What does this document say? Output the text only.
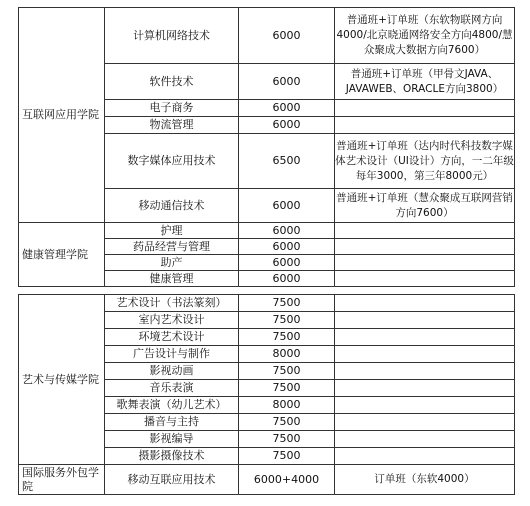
互联网应用学院	计算机网络技术	6000	普通班+订单班（东软物联网方向4000/北京晓通网络安全方向4800/慧众聚成大数据方向7600）
	软件技术	6000	普通班+订单班（甲骨文JAVA、JAVAWEB、ORACLE方向3800）
	电子商务	6000	
	物流管理	6000	
	数字媒体应用技术	6500	普通班+订单班（达内时代科技数字媒体艺术设计（UI设计）方向，一二年级每年3000，第三年8000元）
	移动通信技术	6000	普通班+订单班（慧众聚成互联网营销方向7600）
健康管理学院	护理	6000	
	药品经营与管理	6000	
	助产	6000	
	健康管理	6000	
艺术与传媒学院	艺术设计（书法篆刻）	7500	
	室内艺术设计	7500	
	环境艺术设计	7500	
	广告设计与制作	8000	
	影视动画	7500	
	音乐表演	7500	
	歌舞表演（幼儿艺术）	8000	
	播音与主持	7500	
	影视编导	7500	
	摄影摄像技术	7500	
国际服务外包学院	移动互联应用技术	6000+4000	订单班（东软4000）
